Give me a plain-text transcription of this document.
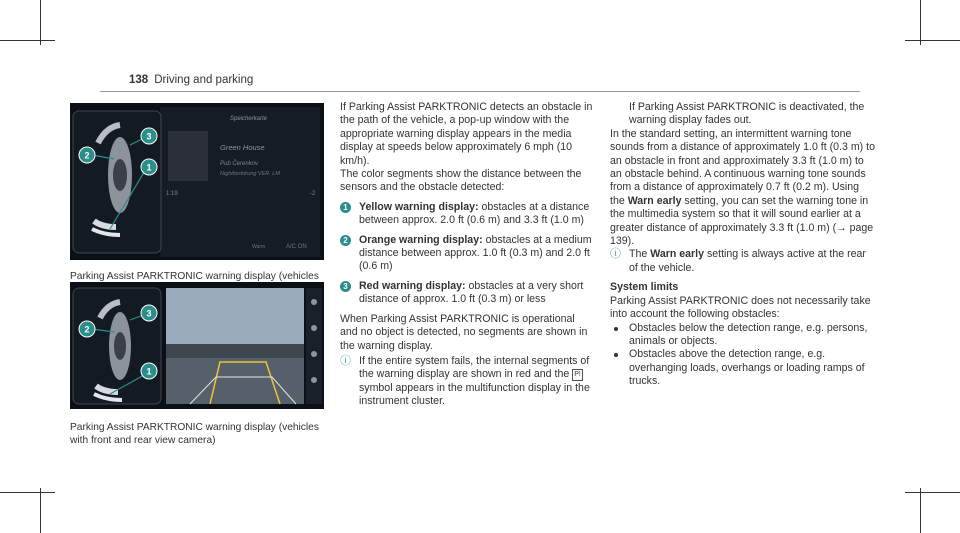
138 Driving and parking
Speicherkarte
Green House
Pub Čerenkov
Nightforddrung VER. LM
1:19	-2
Warm	A/C ON
3
2
1
Parking Assist PARKTRONIC warning display (vehicles
3
2
1
Parking Assist PARKTRONIC warning display (vehicles with front and rear view camera)

If Parking Assist PARKTRONIC detects an obstacle in the path of the vehicle, a pop-up window with the appropriate warning display appears in the media display at speeds below approximately 6 mph (10 km/h).

The color segments show the distance between the sensors and the obstacle detected:

1	Yellow warning display: obstacles at a distance between approx. 2.0 ft (0.6 m) and 3.3 ft (1.0 m)
2	Orange warning display: obstacles at a medium distance between approx. 1.0 ft (0.3 m) and 2.0 ft (0.6 m)
3	Red warning display: obstacles at a very short distance of approx. 1.0 ft (0.3 m) or less

When Parking Assist PARKTRONIC is operational and no object is detected, no segments are shown in the warning display.

ⓘ If the entire system fails, the internal segments of the warning display are shown in red and the P! symbol appears in the multifunction display in the instrument cluster.
If Parking Assist PARKTRONIC is deactivated, the warning display fades out.

In the standard setting, an intermittent warning tone sounds from a distance of approximately 1.0 ft (0.3 m) to an obstacle in front and approximately 3.3 ft (1.0 m) to an obstacle behind. A continuous warning tone sounds from a distance of approximately 0.7 ft (0.2 m). Using the Warn early setting, you can set the warning tone in the multimedia system so that it will sound earlier at a greater distance of approximately 3.3 ft (1.0 m) (→ page 139).

ⓘ The Warn early setting is always active at the rear of the vehicle.

System limits

Parking Assist PARKTRONIC does not necessarily take into account the following obstacles:

Obstacles below the detection range, e.g. persons, animals or objects.
Obstacles above the detection range, e.g. overhanging loads, overhangs or loading ramps of trucks.
